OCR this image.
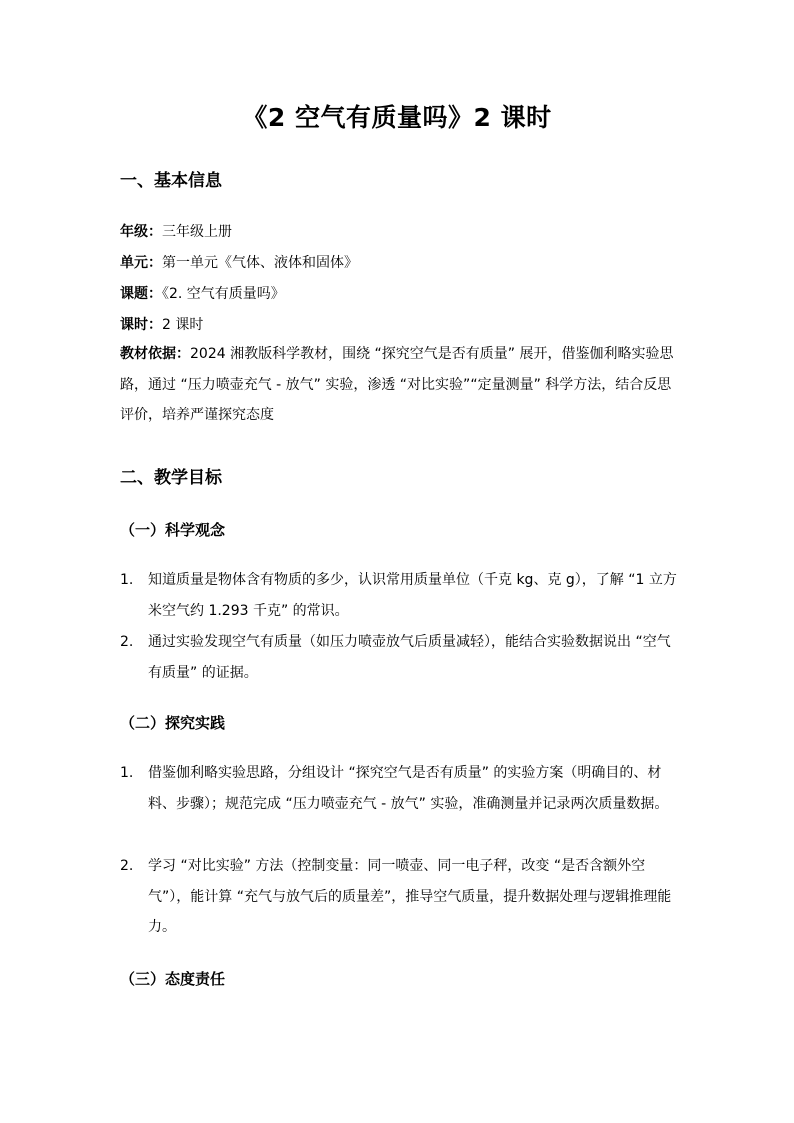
《2 空气有质量吗》2 课时
一、基本信息
年级：三年级上册
单元：第一单元《气体、液体和固体》
课题：《2. 空气有质量吗》
课时：2 课时
教材依据：2024 湘教版科学教材，围绕 “探究空气是否有质量” 展开，借鉴伽利略实验思路，通过 “压力喷壶充气 - 放气” 实验，渗透 “对比实验”“定量测量” 科学方法，结合反思评价，培养严谨探究态度
二、教学目标
（一）科学观念
1.	知道质量是物体含有物质的多少，认识常用质量单位（千克 kg、克 g），了解 “1 立方米空气约 1.293 千克” 的常识。
2.	通过实验发现空气有质量（如压力喷壶放气后质量减轻），能结合实验数据说出 “空气有质量” 的证据。
（二）探究实践
1.	借鉴伽利略实验思路，分组设计 “探究空气是否有质量” 的实验方案（明确目的、材料、步骤）；规范完成 “压力喷壶充气 - 放气” 实验，准确测量并记录两次质量数据。
2.	学习 “对比实验” 方法（控制变量：同一喷壶、同一电子秤，改变 “是否含额外空气”），能计算 “充气与放气后的质量差”，推导空气质量，提升数据处理与逻辑推理能力。
（三）态度责任
